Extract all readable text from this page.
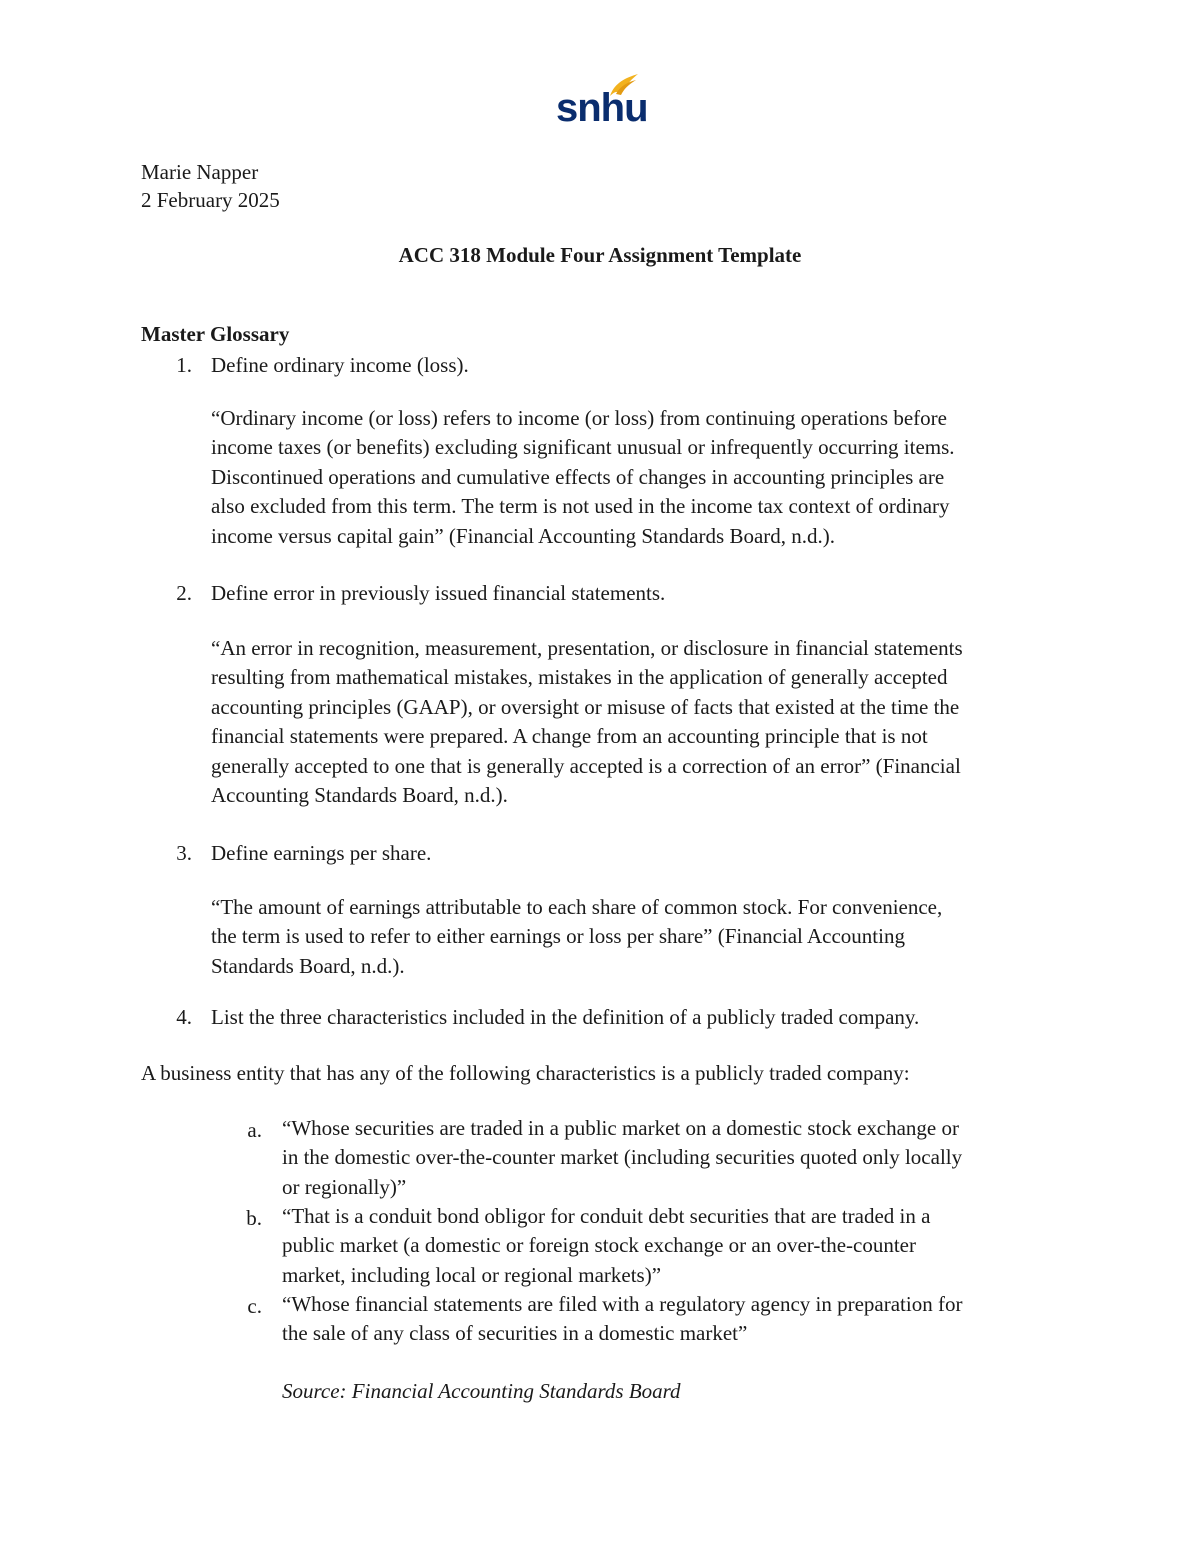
snhu
Marie Napper
2 February 2025
ACC 318 Module Four Assignment Template
Master Glossary
1. Define ordinary income (loss).
“Ordinary income (or loss) refers to income (or loss) from continuing operations before
income taxes (or benefits) excluding significant unusual or infrequently occurring items.
Discontinued operations and cumulative effects of changes in accounting principles are
also excluded from this term. The term is not used in the income tax context of ordinary
income versus capital gain” (Financial Accounting Standards Board, n.d.).
2. Define error in previously issued financial statements.
“An error in recognition, measurement, presentation, or disclosure in financial statements
resulting from mathematical mistakes, mistakes in the application of generally accepted
accounting principles (GAAP), or oversight or misuse of facts that existed at the time the
financial statements were prepared. A change from an accounting principle that is not
generally accepted to one that is generally accepted is a correction of an error” (Financial
Accounting Standards Board, n.d.).
3. Define earnings per share.
“The amount of earnings attributable to each share of common stock. For convenience,
the term is used to refer to either earnings or loss per share” (Financial Accounting
Standards Board, n.d.).
4. List the three characteristics included in the definition of a publicly traded company.
A business entity that has any of the following characteristics is a publicly traded company:
a. “Whose securities are traded in a public market on a domestic stock exchange or
in the domestic over-the-counter market (including securities quoted only locally
or regionally)”
b. “That is a conduit bond obligor for conduit debt securities that are traded in a
public market (a domestic or foreign stock exchange or an over-the-counter
market, including local or regional markets)”
c. “Whose financial statements are filed with a regulatory agency in preparation for
the sale of any class of securities in a domestic market”
Source: Financial Accounting Standards Board
